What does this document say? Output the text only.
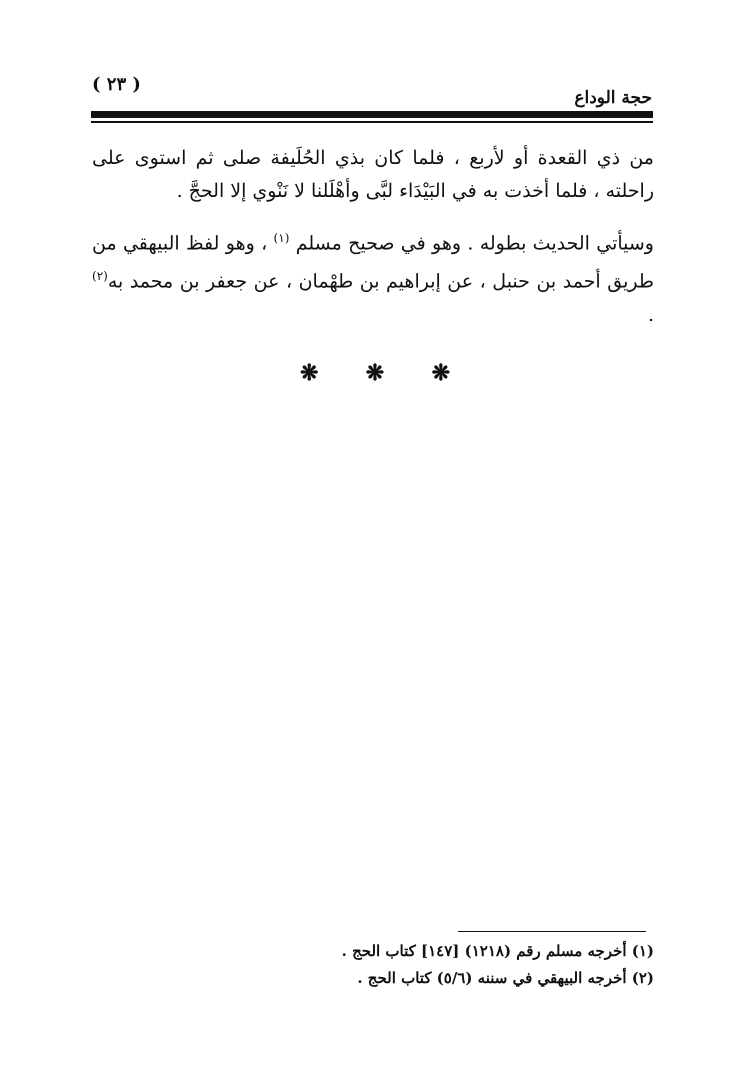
حجة الوداع
( ٢٣ )

من ذي القعدة أو لأربع ، فلما كان بذي الحُلَيفة صلى ثم استوى على راحلته ، فلما أخذت به في البَيْدَاء لبَّى وأهْلَلنا لا نَنْوي إلا الحجَّ .

وسيأتي الحديث بطوله . وهو في صحيح مسلم $^{(١)}$ ، وهو لفظ البيهقي من طريق أحمد بن حنبل ، عن إبراهيم بن طهْمان ، عن جعفر بن محمد به$^{(٢)}$ .

❋ ❋ ❋

(١) أخرجه مسلم رقم (١٢١٨) [١٤٧] كتاب الحج .

(٢) أخرجه البيهقي في سننه (٥/٦) كتاب الحج .
